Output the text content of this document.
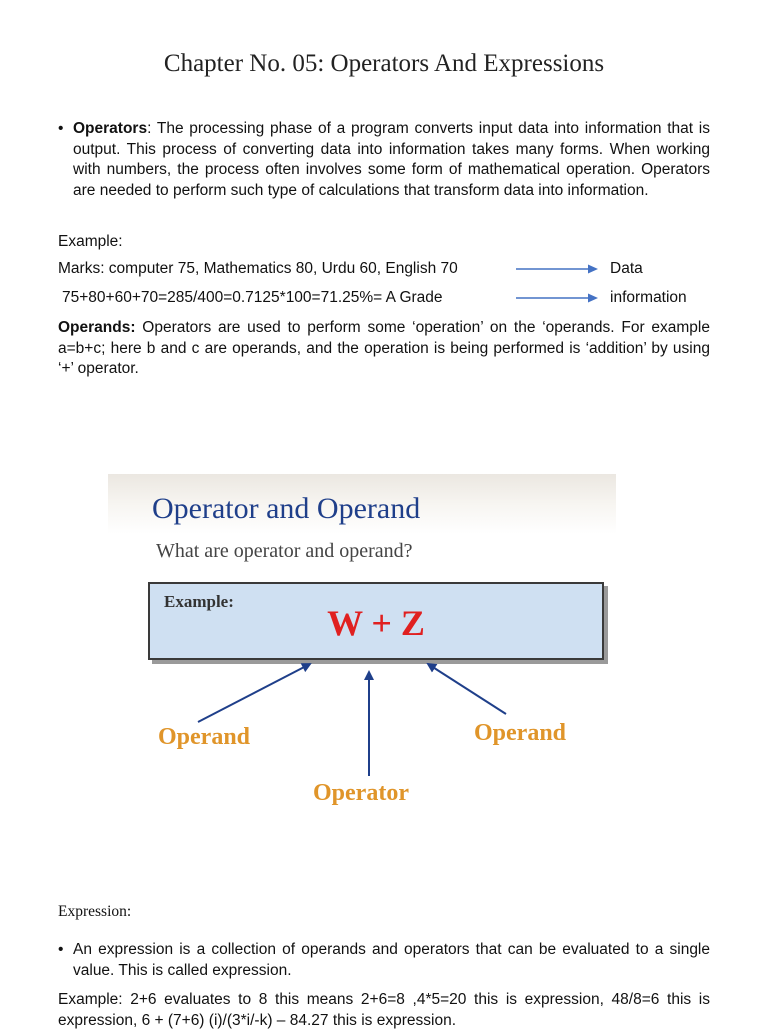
Chapter No. 05: Operators And Expressions
• Operators: The processing phase of a program converts input data into information that is output. This process of converting data into information takes many forms. When working with numbers, the process often involves some form of mathematical operation. Operators are needed to perform such type of calculations that transform data into information.
Example:
Marks: computer 75, Mathematics 80, Urdu 60, English 70	Data
75+80+60+70=285/400=0.7125*100=71.25%= A Grade	information
Operands: Operators are used to perform some ‘operation’ on the ‘operands. For example a=b+c; here b and c are operands, and the operation is being performed is ‘addition’ by using ‘+’ operator.
Operator and Operand
What are operator and operand?
Example:
W + Z
Operand	Operand
Operator
Expression:
• An expression is a collection of operands and operators that can be evaluated to a single value. This is called expression.
Example: 2+6 evaluates to 8 this means 2+6=8 ,4*5=20 this is expression, 48/8=6 this is expression, 6 + (7+6) (i)/(3*i/-k) – 84.27 this is expression.
